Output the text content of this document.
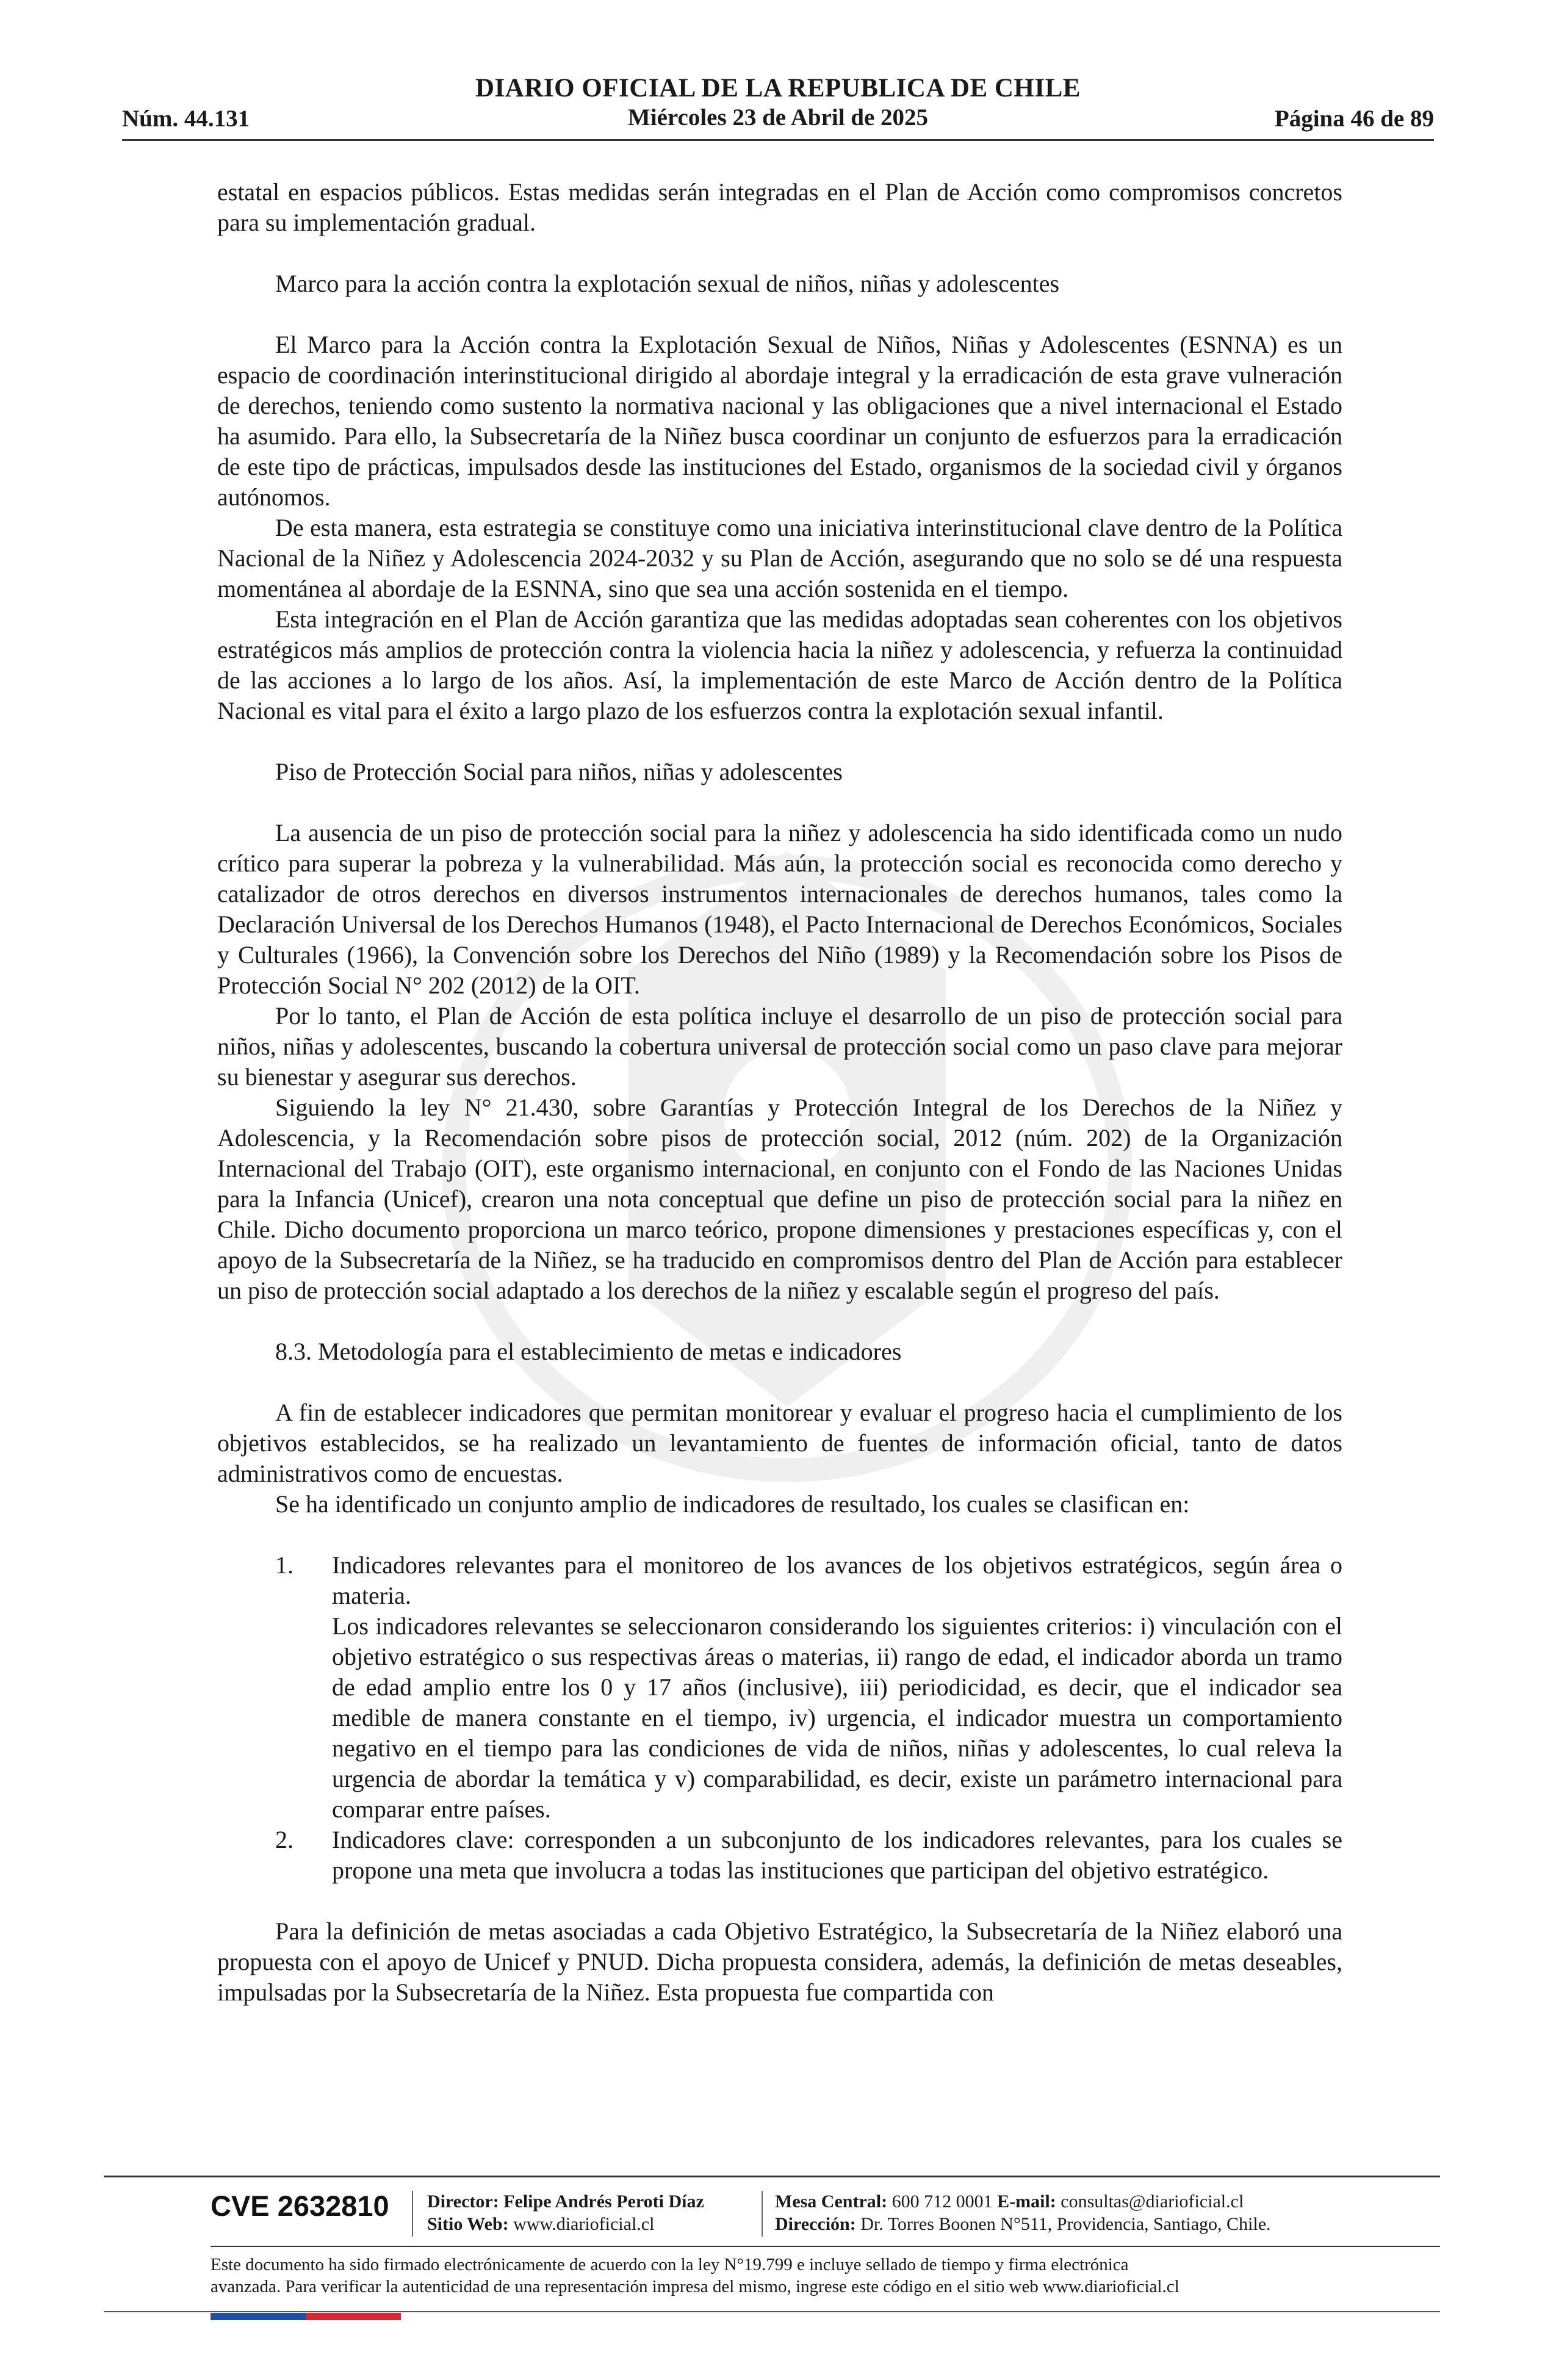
DIARIO OFICIAL DE LA REPUBLICA DE CHILE
Núm. 44.131	Miércoles 23 de Abril de 2025	Página 46 de 89

estatal en espacios públicos. Estas medidas serán integradas en el Plan de Acción como compromisos concretos para su implementación gradual.

Marco para la acción contra la explotación sexual de niños, niñas y adolescentes

El Marco para la Acción contra la Explotación Sexual de Niños, Niñas y Adolescentes (ESNNA) es un espacio de coordinación interinstitucional dirigido al abordaje integral y la erradicación de esta grave vulneración de derechos, teniendo como sustento la normativa nacional y las obligaciones que a nivel internacional el Estado ha asumido. Para ello, la Subsecretaría de la Niñez busca coordinar un conjunto de esfuerzos para la erradicación de este tipo de prácticas, impulsados desde las instituciones del Estado, organismos de la sociedad civil y órganos autónomos.

De esta manera, esta estrategia se constituye como una iniciativa interinstitucional clave dentro de la Política Nacional de la Niñez y Adolescencia 2024-2032 y su Plan de Acción, asegurando que no solo se dé una respuesta momentánea al abordaje de la ESNNA, sino que sea una acción sostenida en el tiempo.

Esta integración en el Plan de Acción garantiza que las medidas adoptadas sean coherentes con los objetivos estratégicos más amplios de protección contra la violencia hacia la niñez y adolescencia, y refuerza la continuidad de las acciones a lo largo de los años. Así, la implementación de este Marco de Acción dentro de la Política Nacional es vital para el éxito a largo plazo de los esfuerzos contra la explotación sexual infantil.

Piso de Protección Social para niños, niñas y adolescentes

La ausencia de un piso de protección social para la niñez y adolescencia ha sido identificada como un nudo crítico para superar la pobreza y la vulnerabilidad. Más aún, la protección social es reconocida como derecho y catalizador de otros derechos en diversos instrumentos internacionales de derechos humanos, tales como la Declaración Universal de los Derechos Humanos (1948), el Pacto Internacional de Derechos Económicos, Sociales y Culturales (1966), la Convención sobre los Derechos del Niño (1989) y la Recomendación sobre los Pisos de Protección Social N° 202 (2012) de la OIT.

Por lo tanto, el Plan de Acción de esta política incluye el desarrollo de un piso de protección social para niños, niñas y adolescentes, buscando la cobertura universal de protección social como un paso clave para mejorar su bienestar y asegurar sus derechos.

Siguiendo la ley N° 21.430, sobre Garantías y Protección Integral de los Derechos de la Niñez y Adolescencia, y la Recomendación sobre pisos de protección social, 2012 (núm. 202) de la Organización Internacional del Trabajo (OIT), este organismo internacional, en conjunto con el Fondo de las Naciones Unidas para la Infancia (Unicef), crearon una nota conceptual que define un piso de protección social para la niñez en Chile. Dicho documento proporciona un marco teórico, propone dimensiones y prestaciones específicas y, con el apoyo de la Subsecretaría de la Niñez, se ha traducido en compromisos dentro del Plan de Acción para establecer un piso de protección social adaptado a los derechos de la niñez y escalable según el progreso del país.

8.3. Metodología para el establecimiento de metas e indicadores

A fin de establecer indicadores que permitan monitorear y evaluar el progreso hacia el cumplimiento de los objetivos establecidos, se ha realizado un levantamiento de fuentes de información oficial, tanto de datos administrativos como de encuestas.

Se ha identificado un conjunto amplio de indicadores de resultado, los cuales se clasifican en:

1. Indicadores relevantes para el monitoreo de los avances de los objetivos estratégicos, según área o materia.
Los indicadores relevantes se seleccionaron considerando los siguientes criterios: i) vinculación con el objetivo estratégico o sus respectivas áreas o materias, ii) rango de edad, el indicador aborda un tramo de edad amplio entre los 0 y 17 años (inclusive), iii) periodicidad, es decir, que el indicador sea medible de manera constante en el tiempo, iv) urgencia, el indicador muestra un comportamiento negativo en el tiempo para las condiciones de vida de niños, niñas y adolescentes, lo cual releva la urgencia de abordar la temática y v) comparabilidad, es decir, existe un parámetro internacional para comparar entre países.
2. Indicadores clave: corresponden a un subconjunto de los indicadores relevantes, para los cuales se propone una meta que involucra a todas las instituciones que participan del objetivo estratégico.

Para la definición de metas asociadas a cada Objetivo Estratégico, la Subsecretaría de la Niñez elaboró una propuesta con el apoyo de Unicef y PNUD. Dicha propuesta considera, además, la definición de metas deseables, impulsadas por la Subsecretaría de la Niñez. Esta propuesta fue compartida con

CVE 2632810 Director: Felipe Andrés Peroti Díaz
Sitio Web: www.diarioficial.cl
Mesa Central: 600 712 0001 E-mail: consultas@diarioficial.cl
Dirección: Dr. Torres Boonen N°511, Providencia, Santiago, Chile.
Este documento ha sido firmado electrónicamente de acuerdo con la ley N°19.799 e incluye sellado de tiempo y firma electrónica
avanzada. Para verificar la autenticidad de una representación impresa del mismo, ingrese este código en el sitio web www.diarioficial.cl
